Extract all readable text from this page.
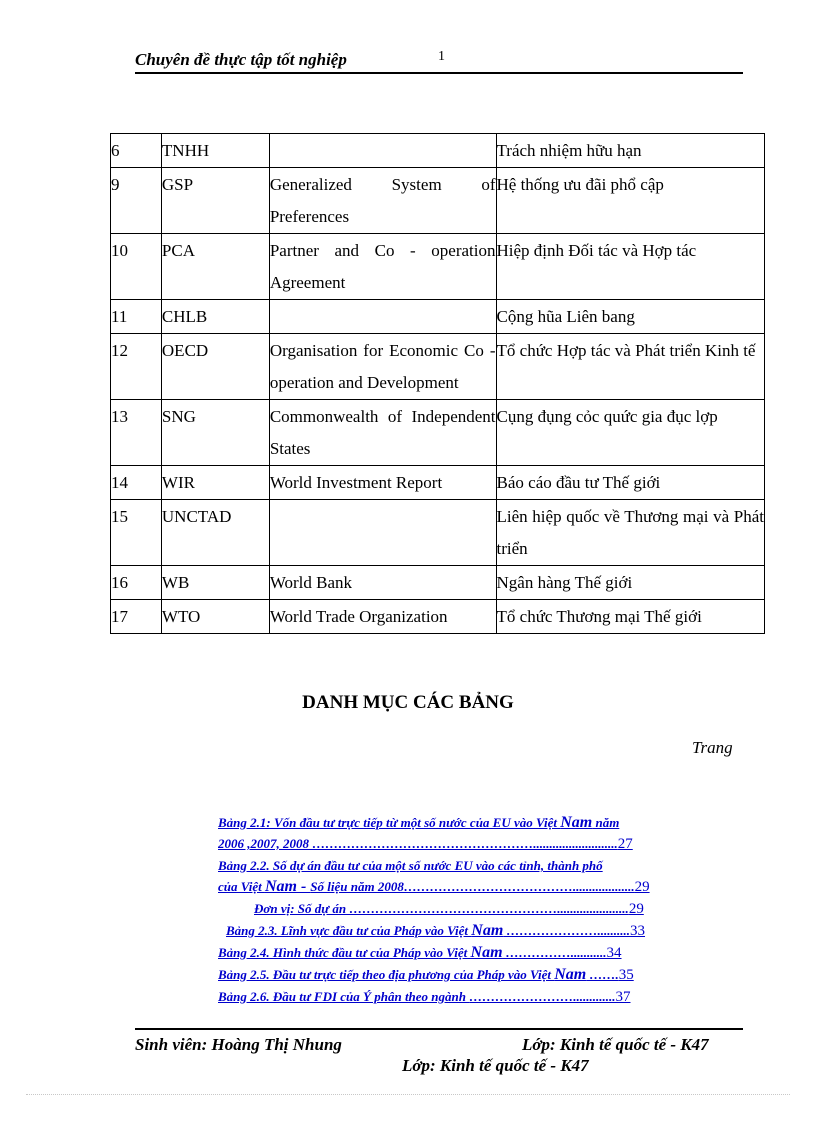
Chuyên đề thực tập tốt nghiệp	1
6	TNHH		Trách nhiệm hữu hạn
9	GSP	Generalized System of Preferences	Hệ thống ưu đãi phổ cập
10	PCA	Partner and Co - operation Agreement	Hiệp định Đối tác và Hợp tác
11	CHLB		Cộng hũa Liên bang
12	OECD	Organisation for Economic Co - operation and Development	Tổ chức Hợp tác và Phát triển Kinh tế
13	SNG	Commonwealth of Independent States	Cụng đụng cỏc quức gia đục lợp
14	WIR	World Investment Report	Báo cáo đầu tư Thế giới
15	UNCTAD		Liên hiệp quốc về Thương mại và Phát triển
16	WB	World Bank	Ngân hàng Thế giới
17	WTO	World Trade Organization	Tổ chức Thương mại Thế giới
DANH MỤC CÁC BẢNG
Trang
Bảng 2.1: Vốn đầu tư trực tiếp từ một số nước của EU vào Việt Nam năm
2006 ,2007, 2008 ……………………………………………..........................27
Bảng 2.2. Số dự án đầu tư của một số nước EU vào các tỉnh, thành phố
của Việt Nam - Số liệu năm 2008…………………………………...................29
Đơn vị: Số dự án …………………………………………......................29
Bảng 2.3. Lĩnh vực đầu tư của Pháp vào Việt Nam …………………..........33
Bảng 2.4. Hình thức đầu tư của Pháp vào Việt Nam ……………...........34
Bảng 2.5. Đầu tư trực tiếp theo địa phương của Pháp vào Việt Nam …….35
Bảng 2.6. Đầu tư FDI của Ý phân theo ngành …………………….............37
Sinh viên: Hoàng Thị Nhung	Lớp: Kinh tế quốc tế - K47
Lớp: Kinh tế quốc tế - K47
